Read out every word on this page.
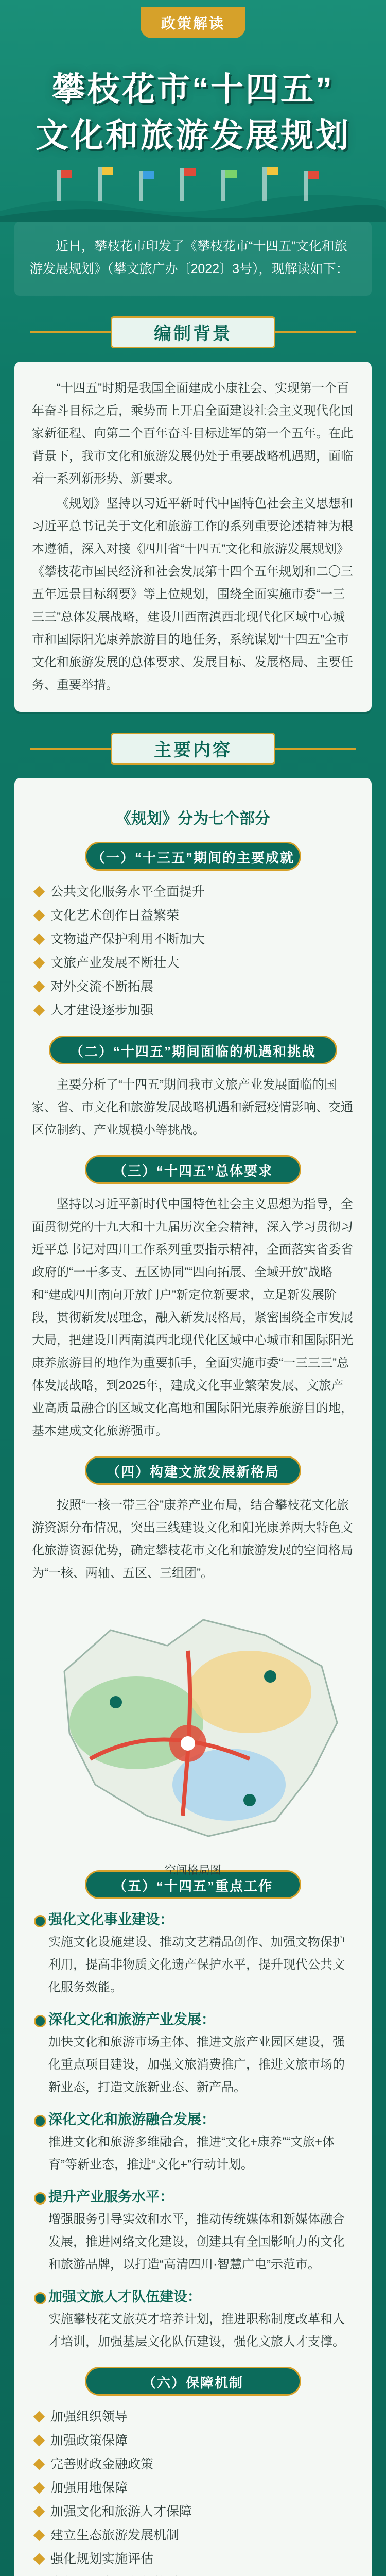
政策解读
攀枝花市“十四五”
文化和旅游发展规划
近日，攀枝花市印发了《攀枝花市“十四五”文化和旅游发展规划》（攀文旅广办〔2022〕3号），现解读如下：
编制背景

“十四五”时期是我国全面建成小康社会、实现第一个百年奋斗目标之后，乘势而上开启全面建设社会主义现代化国家新征程、向第二个百年奋斗目标进军的第一个五年。在此背景下，我市文化和旅游发展仍处于重要战略机遇期，面临着一系列新形势、新要求。

《规划》坚持以习近平新时代中国特色社会主义思想和习近平总书记关于文化和旅游工作的系列重要论述精神为根本遵循，深入对接《四川省“十四五”文化和旅游发展规划》《攀枝花市国民经济和社会发展第十四个五年规划和二〇三五年远景目标纲要》等上位规划，围绕全面实施市委“一三三三”总体发展战略，建设川西南滇西北现代化区域中心城市和国际阳光康养旅游目的地任务，系统谋划“十四五”全市文化和旅游发展的总体要求、发展目标、发展格局、主要任务、重要举措。

主要内容
《规划》分为七个部分
（一）“十三五”期间的主要成就
公共文化服务水平全面提升
文化艺术创作日益繁荣
文物遗产保护利用不断加大
文旅产业发展不断壮大
对外交流不断拓展
人才建设逐步加强
（二）“十四五”期间面临的机遇和挑战

主要分析了“十四五”期间我市文旅产业发展面临的国家、省、市文化和旅游发展战略机遇和新冠疫情影响、交通区位制约、产业规模小等挑战。

（三）“十四五”总体要求

坚持以习近平新时代中国特色社会主义思想为指导，全面贯彻党的十九大和十九届历次全会精神，深入学习贯彻习近平总书记对四川工作系列重要指示精神，全面落实省委省政府的“一干多支、五区协同”“四向拓展、全域开放”战略和“建成四川南向开放门户”新定位新要求，立足新发展阶段，贯彻新发展理念，融入新发展格局，紧密围绕全市发展大局，把建设川西南滇西北现代化区域中心城市和国际阳光康养旅游目的地作为重要抓手，全面实施市委“一三三三”总体发展战略，到2025年，建成文化事业繁荣发展、文旅产业高质量融合的区域文化高地和国际阳光康养旅游目的地，基本建成文化旅游强市。

（四）构建文旅发展新格局

按照“一核一带三谷”康养产业布局，结合攀枝花文化旅游资源分布情况，突出三线建设文化和阳光康养两大特色文化旅游资源优势，确定攀枝花市文化和旅游发展的空间格局为“一核、两轴、五区、三组团”。

空间格局图
（五）“十四五”重点工作
强化文化事业建设：

实施文化设施建设、推动文艺精品创作、加强文物保护利用，提高非物质文化遗产保护水平，提升现代公共文化服务效能。

深化文化和旅游产业发展：

加快文化和旅游市场主体、推进文旅产业园区建设，强化重点项目建设，加强文旅消费推广，推进文旅市场的新业态，打造文旅新业态、新产品。

深化文化和旅游融合发展：

推进文化和旅游多维融合，推进“文化+康养”“文旅+体育”等新业态，推进“文化+”行动计划。

提升产业服务水平：

增强服务引导实效和水平，推动传统媒体和新媒体融合发展，推进网络文化建设，创建具有全国影响力的文化和旅游品牌，以打造“高清四川·智慧广电”示范市。

加强文旅人才队伍建设：

实施攀枝花文旅英才培养计划，推进职称制度改革和人才培训，加强基层文化队伍建设，强化文旅人才支撑。

（六）保障机制
加强组织领导
加强政策保障
完善财政金融政策
加强用地保障
加强文化和旅游人才保障
建立生态旅游发展机制
强化规划实施评估
